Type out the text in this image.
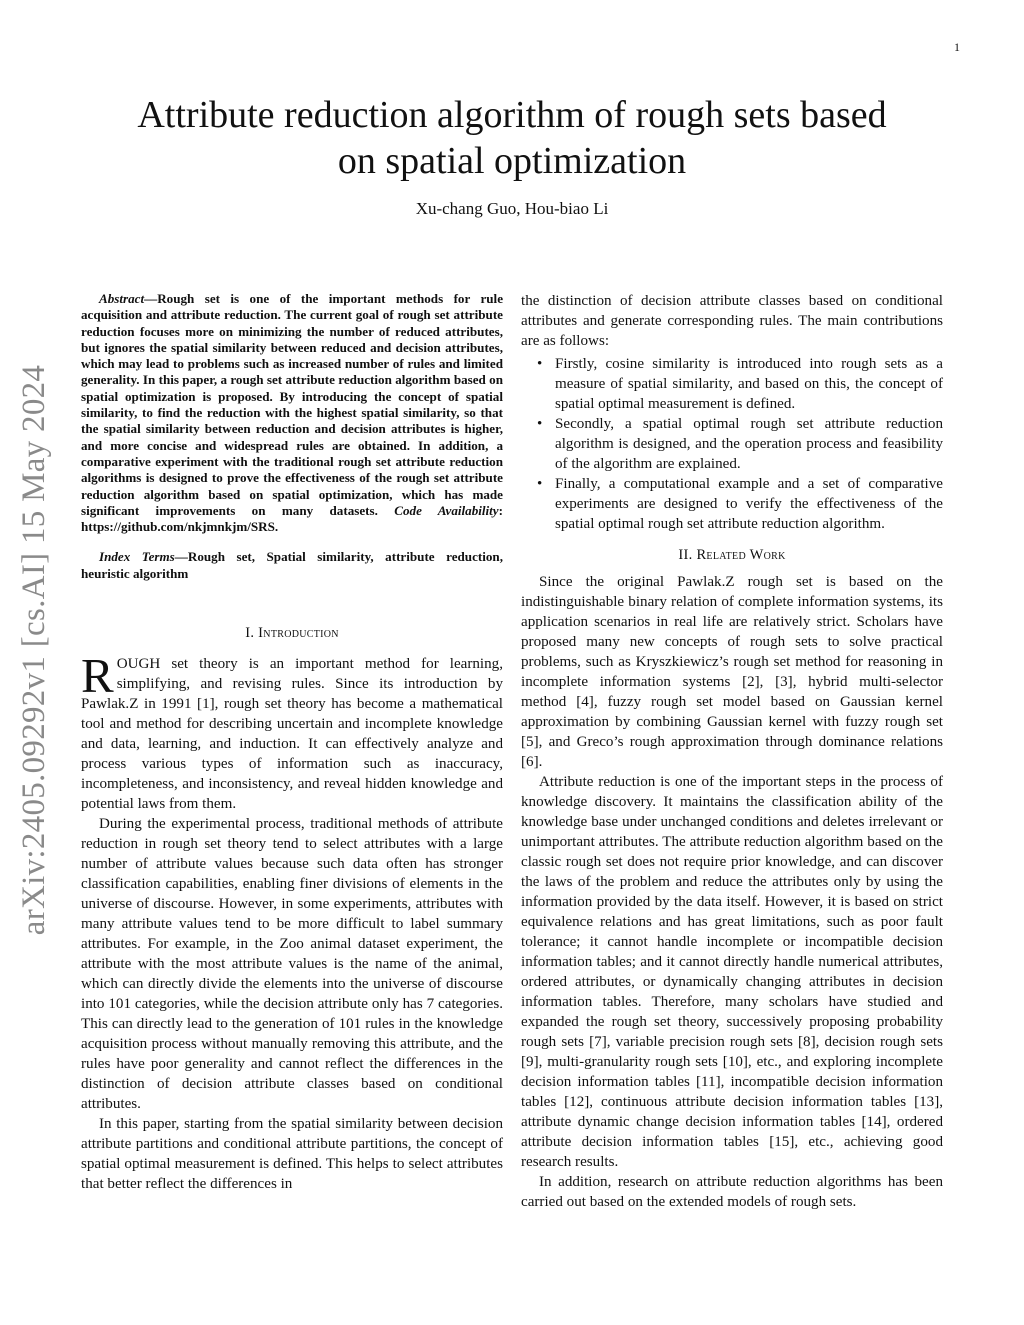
1
arXiv:2405.09292v1 [cs.AI] 15 May 2024
Attribute reduction algorithm of rough sets based
on spatial optimization
Xu-chang Guo, Hou-biao Li

Abstract—Rough set is one of the important methods for rule acquisition and attribute reduction. The current goal of rough set attribute reduction focuses more on minimizing the number of reduced attributes, but ignores the spatial similarity between reduced and decision attributes, which may lead to problems such as increased number of rules and limited generality. In this paper, a rough set attribute reduction algorithm based on spatial optimization is proposed. By introducing the concept of spatial similarity, to find the reduction with the highest spatial similarity, so that the spatial similarity between reduction and decision attributes is higher, and more concise and widespread rules are obtained. In addition, a comparative experiment with the traditional rough set attribute reduction algorithms is designed to prove the effectiveness of the rough set attribute reduction algorithm based on spatial optimization, which has made significant improvements on many datasets. Code Availability: https://github.com/nkjmnkjm/SRS.

Index Terms—Rough set, Spatial similarity, attribute reduction, heuristic algorithm

I. Introduction

ROUGH set theory is an important method for learning, simplifying, and revising rules. Since its introduction by Pawlak.Z in 1991 [1], rough set theory has become a mathematical tool and method for describing uncertain and incomplete knowledge and data, learning, and induction. It can effectively analyze and process various types of information such as inaccuracy, incompleteness, and inconsistency, and reveal hidden knowledge and potential laws from them.

During the experimental process, traditional methods of attribute reduction in rough set theory tend to select attributes with a large number of attribute values because such data often has stronger classification capabilities, enabling finer divisions of elements in the universe of discourse. However, in some experiments, attributes with many attribute values tend to be more difficult to label summary attributes. For example, in the Zoo animal dataset experiment, the attribute with the most attribute values is the name of the animal, which can directly divide the elements into the universe of discourse into 101 categories, while the decision attribute only has 7 categories. This can directly lead to the generation of 101 rules in the knowledge acquisition process without manually removing this attribute, and the rules have poor generality and cannot reflect the differences in the distinction of decision attribute classes based on conditional attributes.

In this paper, starting from the spatial similarity between decision attribute partitions and conditional attribute partitions, the concept of spatial optimal measurement is defined. This helps to select attributes that better reflect the differences in

the distinction of decision attribute classes based on conditional attributes and generate corresponding rules. The main contributions are as follows:

• Firstly, cosine similarity is introduced into rough sets as a measure of spatial similarity, and based on this, the concept of spatial optimal measurement is defined.
• Secondly, a spatial optimal rough set attribute reduction algorithm is designed, and the operation process and feasibility of the algorithm are explained.
• Finally, a computational example and a set of comparative experiments are designed to verify the effectiveness of the spatial optimal rough set attribute reduction algorithm.
II. Related Work

Since the original Pawlak.Z rough set is based on the indistinguishable binary relation of complete information systems, its application scenarios in real life are relatively strict. Scholars have proposed many new concepts of rough sets to solve practical problems, such as Kryszkiewicz’s rough set method for reasoning in incomplete information systems [2], [3], hybrid multi-selector method [4], fuzzy rough set model based on Gaussian kernel approximation by combining Gaussian kernel with fuzzy rough set [5], and Greco’s rough approximation through dominance relations [6].

Attribute reduction is one of the important steps in the process of knowledge discovery. It maintains the classification ability of the knowledge base under unchanged conditions and deletes irrelevant or unimportant attributes. The attribute reduction algorithm based on the classic rough set does not require prior knowledge, and can discover the laws of the problem and reduce the attributes only by using the information provided by the data itself. However, it is based on strict equivalence relations and has great limitations, such as poor fault tolerance; it cannot handle incomplete or incompatible decision information tables; and it cannot directly handle numerical attributes, ordered attributes, or dynamically changing attributes in decision information tables. Therefore, many scholars have studied and expanded the rough set theory, successively proposing probability rough sets [7], variable precision rough sets [8], decision rough sets [9], multi-granularity rough sets [10], etc., and exploring incomplete decision information tables [11], incompatible decision information tables [12], continuous attribute decision information tables [13], attribute dynamic change decision information tables [14], ordered attribute decision information tables [15], etc., achieving good research results.

In addition, research on attribute reduction algorithms has been carried out based on the extended models of rough sets.
